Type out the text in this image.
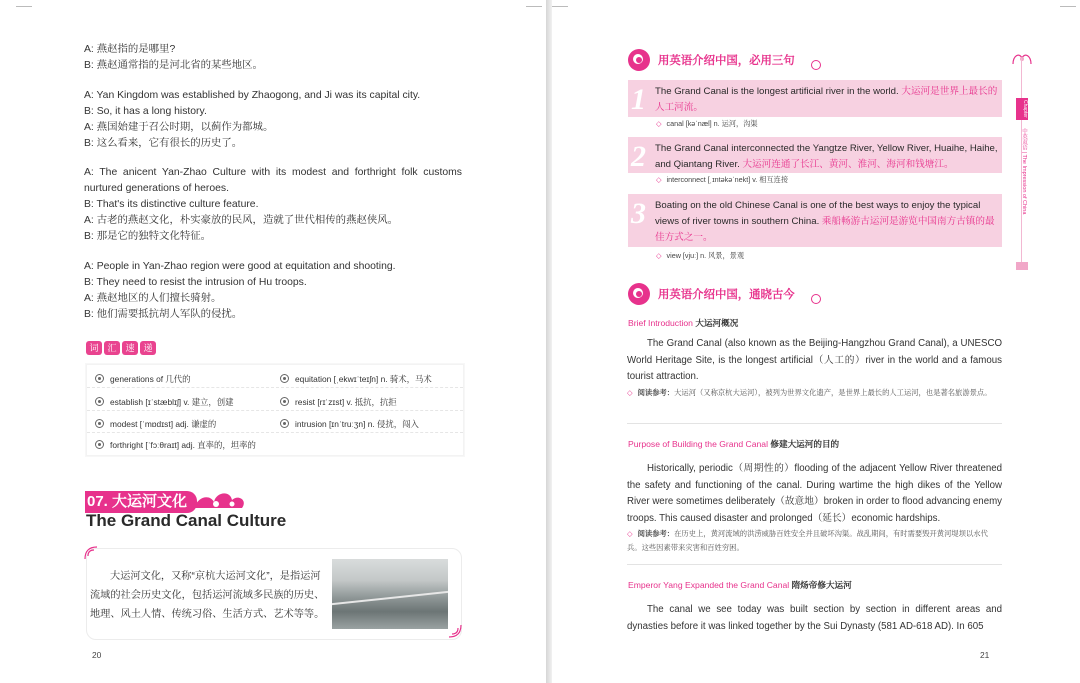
A: 燕赵指的是哪里?
B: 燕赵通常指的是河北省的某些地区。
A: Yan Kingdom was established by Zhaogong, and Ji was its capital city.
B: So, it has a long history.
A: 燕国始建于召公时期，以蓟作为都城。
B: 这么看来，它有很长的历史了。
A: The anicent Yan-Zhao Culture with its modest and forthright folk customs nurtured generations of heroes.
B: That's its distinctive culture feature.
A: 古老的燕赵文化，朴实豪放的民风，造就了世代相传的燕赵侠风。
B: 那是它的独特文化特征。
A: People in Yan-Zhao region were good at equitation and shooting.
B: They need to resist the intrusion of Hu troops.
A: 燕赵地区的人们擅长骑射。
B: 他们需要抵抗胡人军队的侵扰。
词 汇 速 递
generations of 几代的	equitation [ˌekwɪˈteɪʃn] n. 骑术，马术
establish [ɪˈstæblɪʃ] v. 建立，创建	resist [rɪˈzɪst] v. 抵抗，抗拒
modest [ˈmɒdɪst] adj. 谦虚的	intrusion [ɪnˈtruːʒn] n. 侵扰，闯入
forthright [ˈfɔːθraɪt] adj. 直率的，坦率的
07. 大运河文化
The Grand Canal Culture
大运河文化，又称“京杭大运河文化”，是指运河流域的社会历史文化，包括运河流域多民族的历史、地理、风土人情、传统习俗、生活方式、艺术等等。
20
用英语介绍中国，必用三句
1 The Grand Canal is the longest artificial river in the world. 大运河是世界上最长的人工河流。
◇ canal [kəˈnæl] n. 运河，沟渠
2 The Grand Canal interconnected the Yangtze River, Yellow River, Huaihe, Haihe, and Qiantang River. 大运河连通了长江、黄河、淮河、海河和钱塘江。
◇ interconnect [ˌɪntəkəˈnekt] v. 相互连接
3 Boating on the old Chinese Canal is one of the best ways to enjoy the typical views of river towns in southern China. 乘船畅游古运河是游览中国南方古镇的最佳方式之一。
◇ view [vjuː] n. 风景，景观
用英语介绍中国，通晓古今
Brief Introduction 大运河概况
The Grand Canal (also known as the Beijing-Hangzhou Grand Canal), a UNESCO World Heritage Site, is the longest artificial（人工的）river in the world and a famous tourist attraction.
◇ 阅读参考：大运河（又称京杭大运河），被列为世界文化遗产，是世界上最长的人工运河，也是著名旅游景点。
Purpose of Building the Grand Canal 修建大运河的目的
Historically, periodic（周期性的）flooding of the adjacent Yellow River threatened the safety and functioning of the canal. During wartime the high dikes of the Yellow River were sometimes deliberately（故意地）broken in order to flood advancing enemy troops. This caused disaster and prolonged（延长）economic hardships.
◇ 阅读参考：在历史上，黄河流域的洪涝威胁百姓安全并且破坏沟渠。战乱期间，有时需要毁开黄河堤坝以水代兵。这些因素带来灾害和百姓穷困。
Emperor Yang Expanded the Grand Canal 隋炀帝修大运河
The canal we see today was built section by section in different areas and dynasties before it was linked together by the Sui Dynasty (581 AD-618 AD). In 605
21
Chapter
中英双语 | The Impression of China
